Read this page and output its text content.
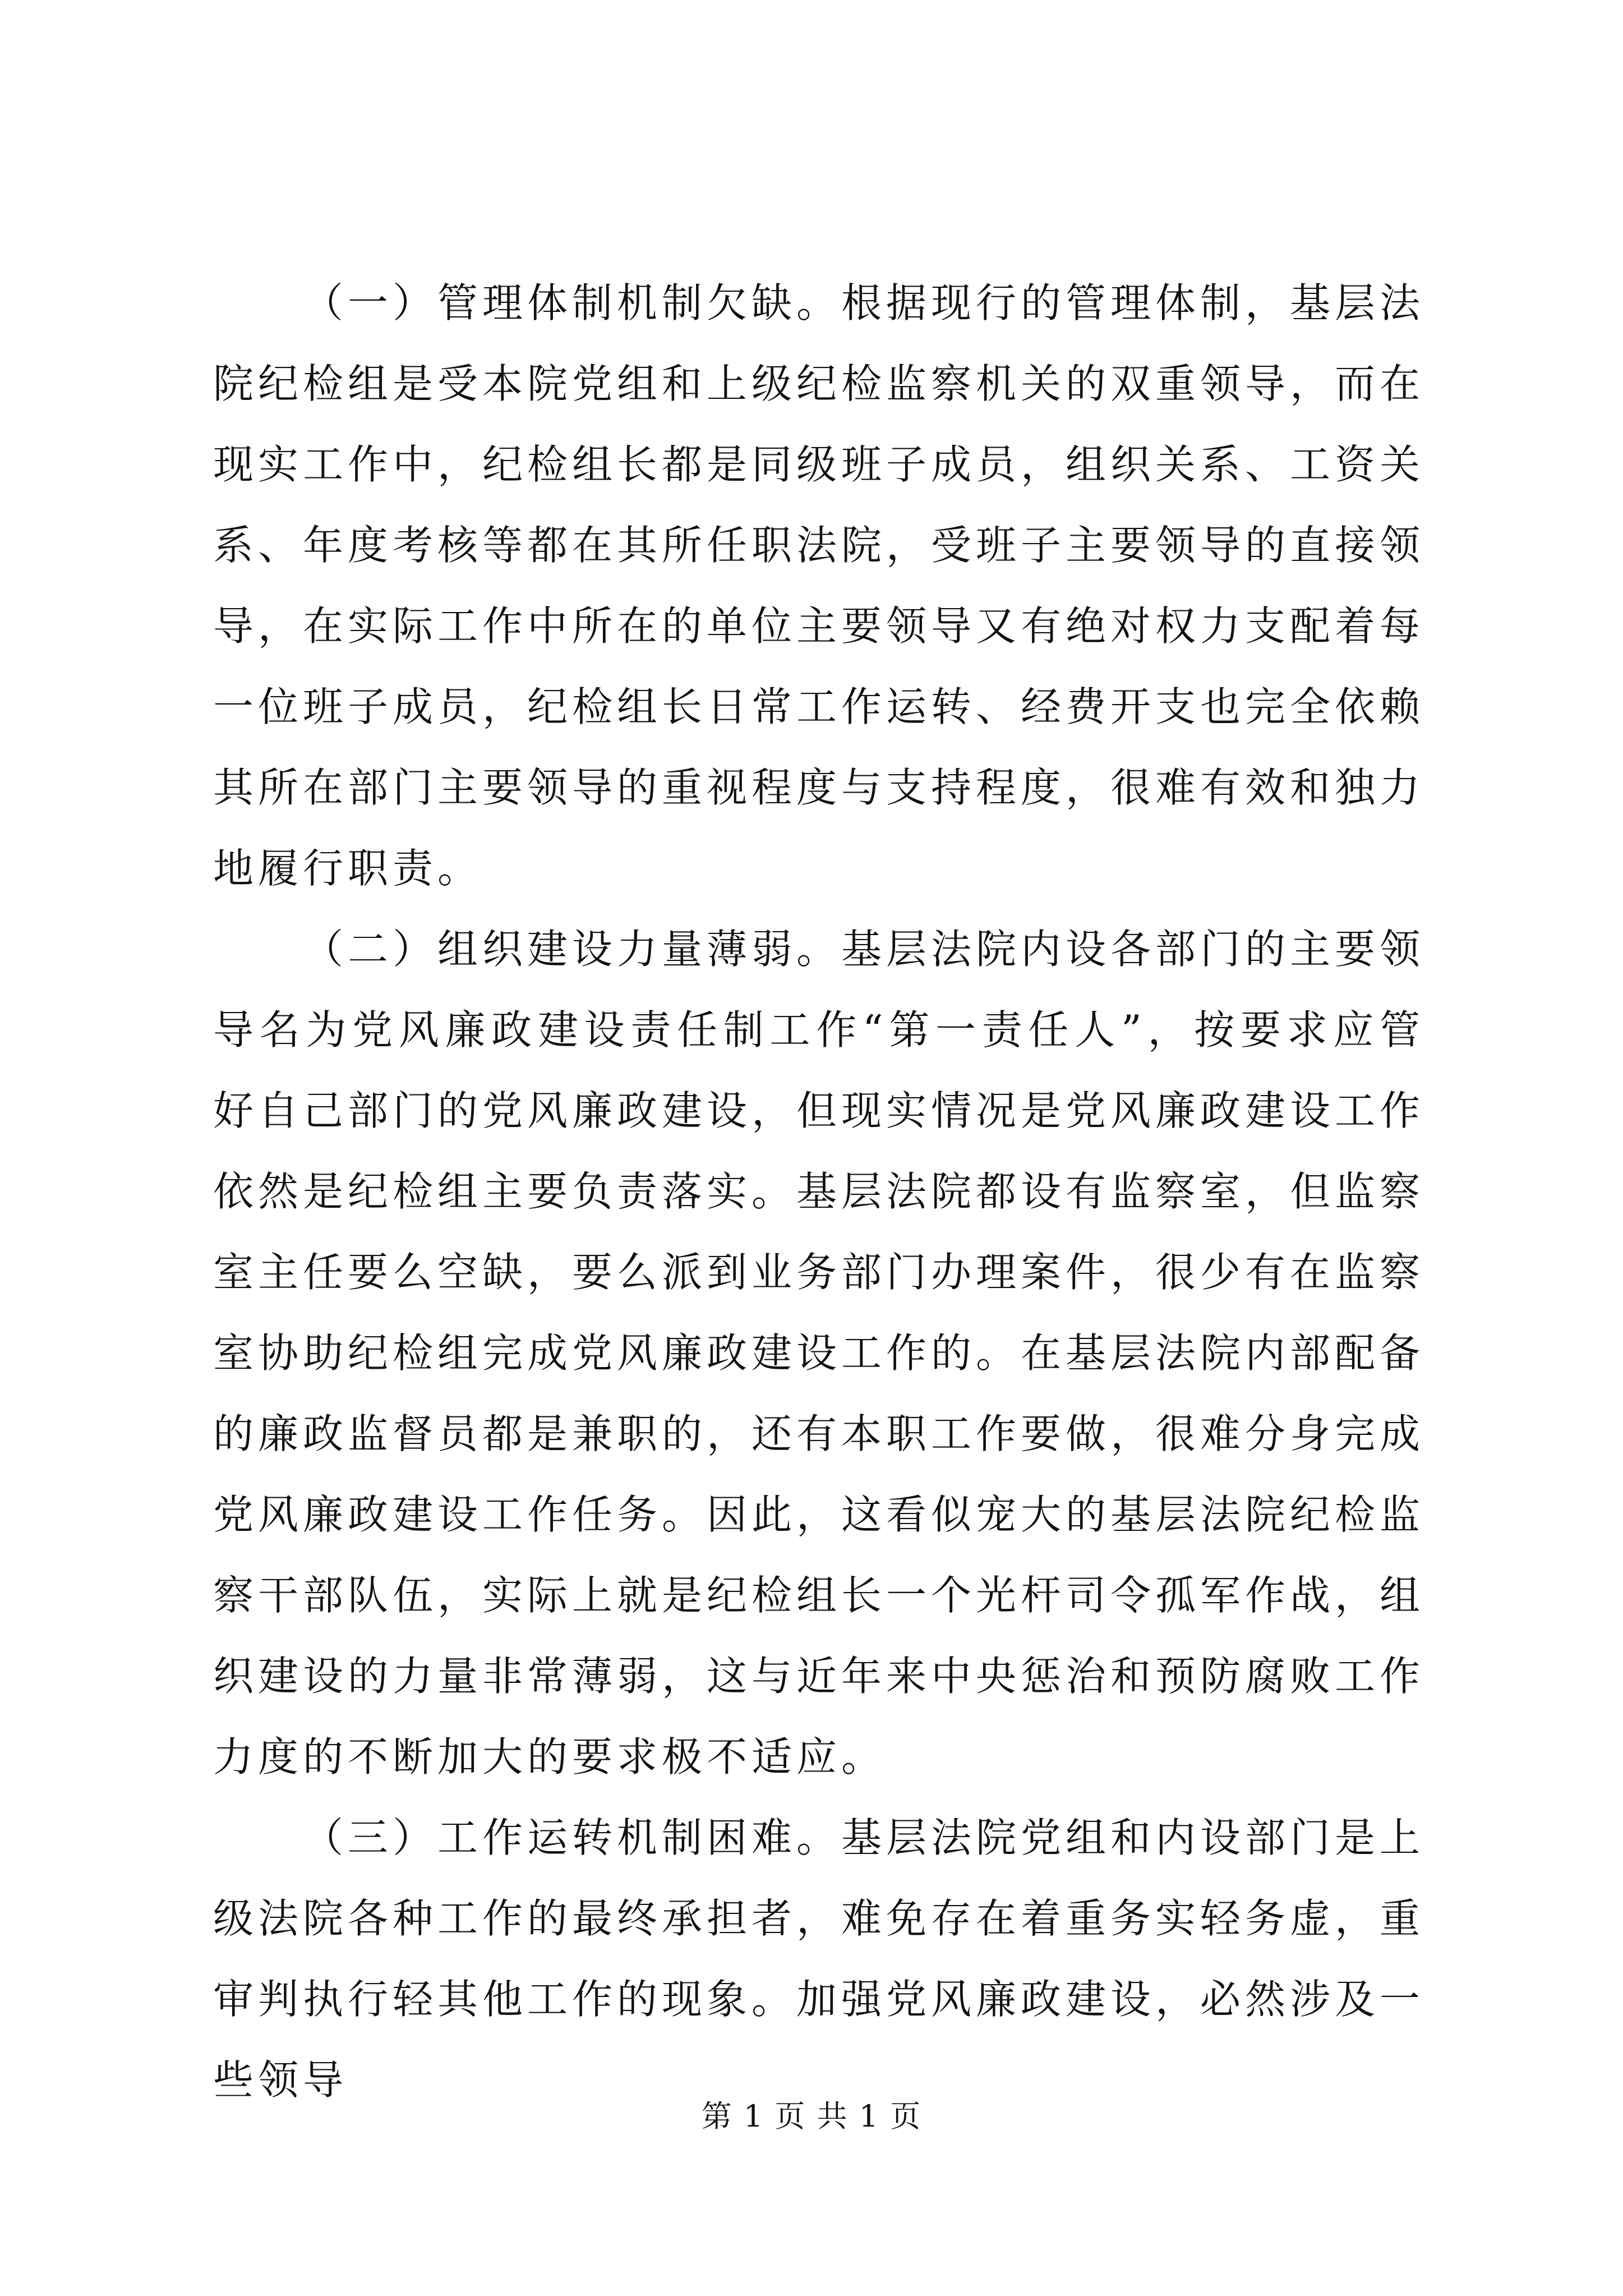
（一）管理体制机制欠缺。根据现行的管理体制，基层法院纪检组是受本院党组和上级纪检监察机关的双重领导，而在现实工作中，纪检组长都是同级班子成员，组织关系、工资关系、年度考核等都在其所任职法院，受班子主要领导的直接领导，在实际工作中所在的单位主要领导又有绝对权力支配着每一位班子成员，纪检组长日常工作运转、经费开支也完全依赖其所在部门主要领导的重视程度与支持程度，很难有效和独力地履行职责。

（二）组织建设力量薄弱。基层法院内设各部门的主要领导名为党风廉政建设责任制工作“第一责任人”，按要求应管好自己部门的党风廉政建设，但现实情况是党风廉政建设工作依然是纪检组主要负责落实。基层法院都设有监察室，但监察室主任要么空缺，要么派到业务部门办理案件，很少有在监察室协助纪检组完成党风廉政建设工作的。在基层法院内部配备的廉政监督员都是兼职的，还有本职工作要做，很难分身完成党风廉政建设工作任务。因此，这看似宠大的基层法院纪检监察干部队伍，实际上就是纪检组长一个光杆司令孤军作战，组织建设的力量非常薄弱，这与近年来中央惩治和预防腐败工作力度的不断加大的要求极不适应。

（三）工作运转机制困难。基层法院党组和内设部门是上级法院各种工作的最终承担者，难免存在着重务实轻务虚，重审判执行轻其他工作的现象。加强党风廉政建设，必然涉及一些领导

第 1 页 共 1 页
